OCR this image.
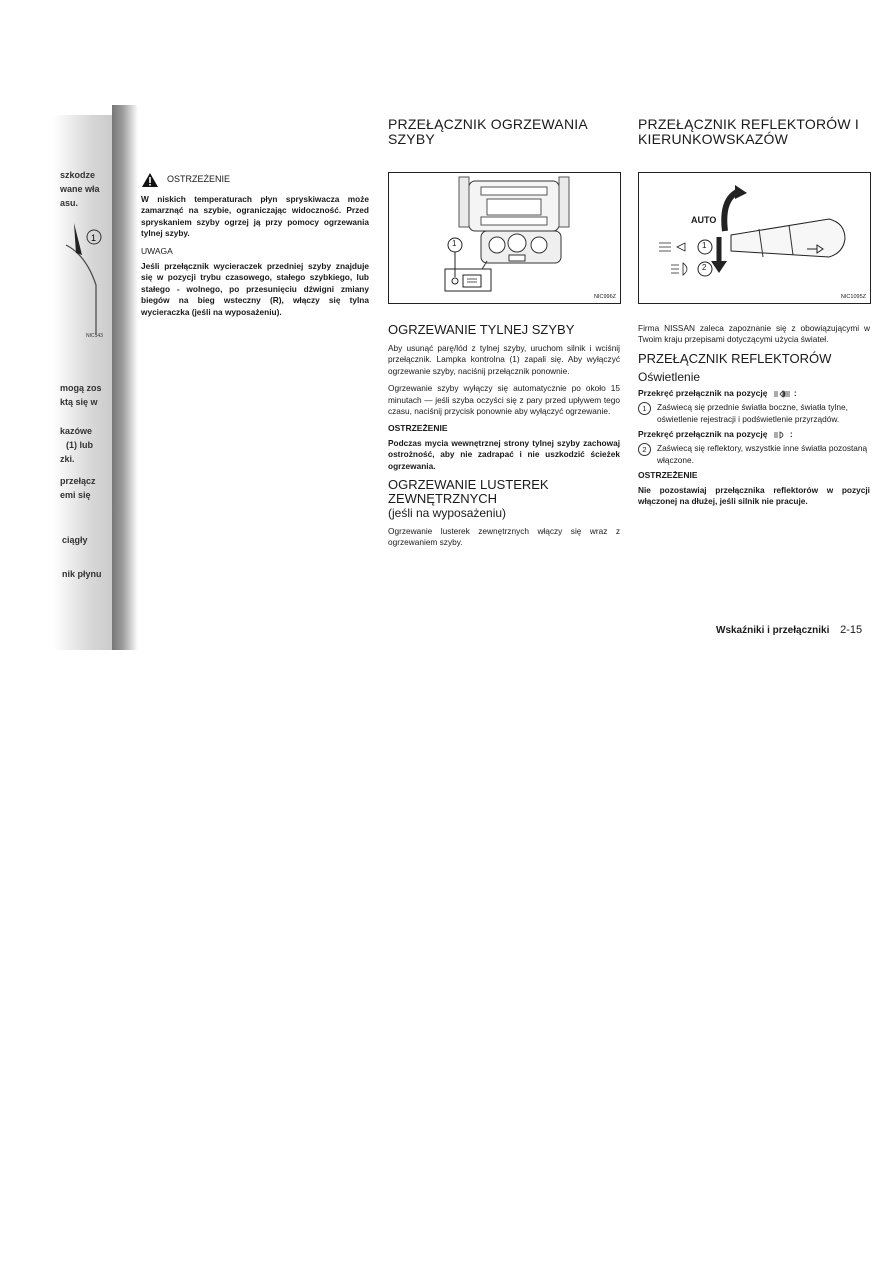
szkodze
wane wła
asu.
1
NIC143
mogą zos
ktą się w
kazówe
(1) lub
zki.
przełącz
emi się
ciągły
nik płynu
OSTRZEŻENIE

W niskich temperaturach płyn spryskiwacza może zamarznąć na szybie, ograniczając widoczność. Przed spryskaniem szyby ogrzej ją przy pomocy ogrzewania tylnej szyby.

UWAGA

Jeśli przełącznik wycieraczek przedniej szyby znajduje się w pozycji trybu czasowego, stałego szybkiego, lub stałego - wolnego, po przesunięciu dźwigni zmiany biegów na bieg wsteczny (R), włączy się tylna wycieraczka (jeśli na wyposażeniu).

PRZEŁĄCZNIK OGRZEWANIA SZYBY
1
NIC996Z
OGRZEWANIE TYLNEJ SZYBY

Aby usunąć parę/lód z tylnej szyby, uruchom silnik i wciśnij przełącznik. Lampka kontrolna (1) zapali się. Aby wyłączyć ogrzewanie szyby, naciśnij przełącznik ponownie.

Ogrzewanie szyby wyłączy się automatycznie po około 15 minutach — jeśli szyba oczyści się z pary przed upływem tego czasu, naciśnij przycisk ponownie aby wyłączyć ogrzewanie.

OSTRZEŻENIE

Podczas mycia wewnętrznej strony tylnej szyby zachowaj ostrożność, aby nie zadrapać i nie uszkodzić ścieżek ogrzewania.

OGRZEWANIE LUSTEREK ZEWNĘTRZNYCH
(jeśli na wyposażeniu)

Ogrzewanie lusterek zewnętrznych włączy się wraz z ogrzewaniem szyby.

PRZEŁĄCZNIK REFLEKTORÓW I KIERUNKOWSKAZÓW
AUTO
1
2
NIC1095Z

Firma NISSAN zaleca zapoznanie się z obowiązującymi w Twoim kraju przepisami dotyczącymi użycia świateł.

PRZEŁĄCZNIK REFLEKTORÓW
Oświetlenie
Przekręć przełącznik na pozycję	:
1	Zaświecą się przednie światła boczne, światła tylne, oświetlenie rejestracji i podświetlenie przyrządów.
Przekręć przełącznik na pozycję	:
2	Zaświecą się reflektory, wszystkie inne światła pozostaną włączone.
OSTRZEŻENIE

Nie pozostawiaj przełącznika reflektorów w pozycji włączonej na dłużej, jeśli silnik nie pracuje.

Wskaźniki i przełączniki 2-15
